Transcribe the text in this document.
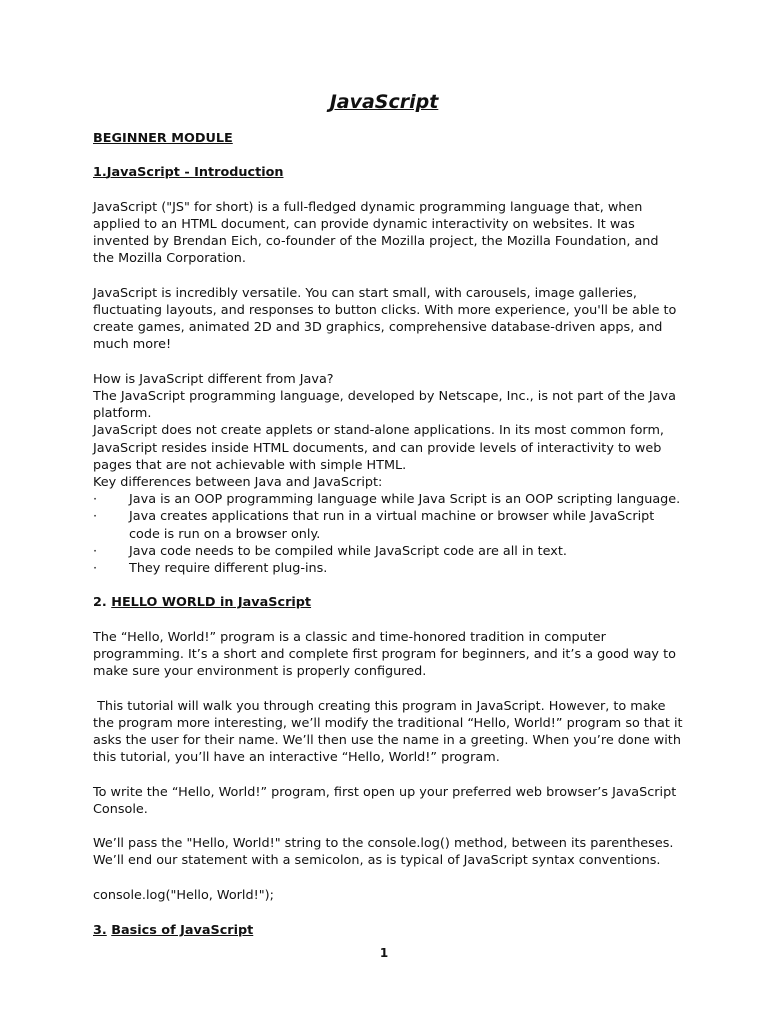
JavaScript

BEGINNER MODULE

1.JavaScript - Introduction

JavaScript ("JS" for short) is a full-fledged dynamic programming language that, when applied to an HTML document, can provide dynamic interactivity on websites. It was invented by Brendan Eich, co-founder of the Mozilla project, the Mozilla Foundation, and the Mozilla Corporation.

JavaScript is incredibly versatile. You can start small, with carousels, image galleries, fluctuating layouts, and responses to button clicks. With more experience, you'll be able to create games, animated 2D and 3D graphics, comprehensive database-driven apps, and much more!

How is JavaScript different from Java?

The JavaScript programming language, developed by Netscape, Inc., is not part of the Java platform.

JavaScript does not create applets or stand-alone applications. In its most common form, JavaScript resides inside HTML documents, and can provide levels of interactivity to web pages that are not achievable with simple HTML.

Key differences between Java and JavaScript:

·	Java is an OOP programming language while Java Script is an OOP scripting language.

·	Java creates applications that run in a virtual machine or browser while JavaScript code is run on a browser only.

·	Java code needs to be compiled while JavaScript code are all in text.

·	They require different plug-ins.

2. HELLO WORLD in JavaScript

The “Hello, World!” program is a classic and time-honored tradition in computer programming. It’s a short and complete first program for beginners, and it’s a good way to make sure your environment is properly configured.

This tutorial will walk you through creating this program in JavaScript. However, to make the program more interesting, we’ll modify the traditional “Hello, World!” program so that it asks the user for their name. We’ll then use the name in a greeting. When you’re done with this tutorial, you’ll have an interactive “Hello, World!” program.

To write the “Hello, World!” program, first open up your preferred web browser’s JavaScript Console.

We’ll pass the "Hello, World!" string to the console.log() method, between its parentheses. We’ll end our statement with a semicolon, as is typical of JavaScript syntax conventions.

console.log("Hello, World!");

3. Basics of JavaScript

1
